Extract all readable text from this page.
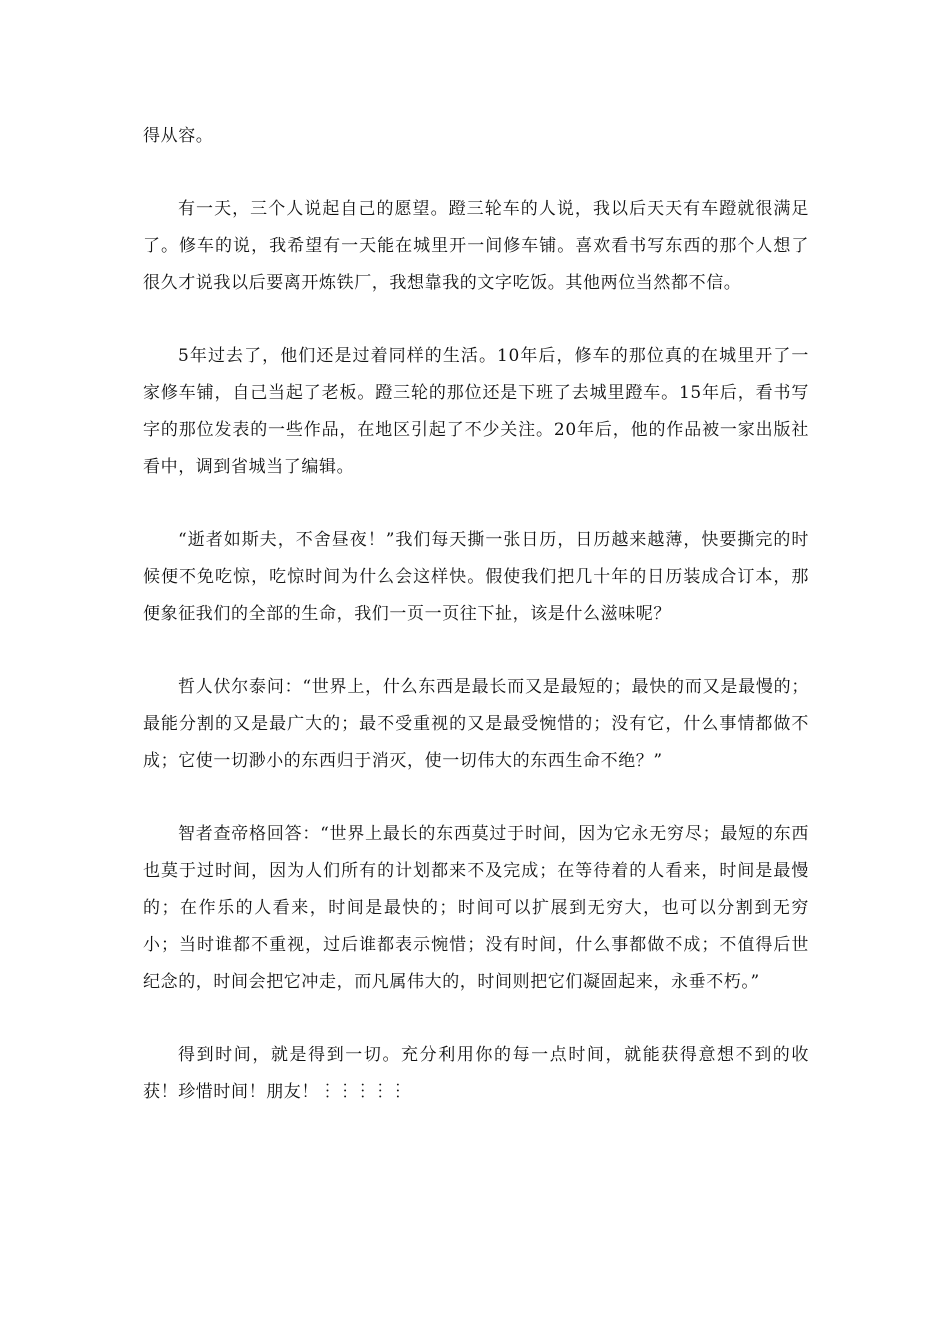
得从容。

有一天，三个人说起自己的愿望。蹬三轮车的人说，我以后天天有车蹬就很满足了。修车的说，我希望有一天能在城里开一间修车铺。喜欢看书写东西的那个人想了很久才说我以后要离开炼铁厂，我想靠我的文字吃饭。其他两位当然都不信。

5年过去了，他们还是过着同样的生活。10年后，修车的那位真的在城里开了一家修车铺，自己当起了老板。蹬三轮的那位还是下班了去城里蹬车。15年后，看书写字的那位发表的一些作品，在地区引起了不少关注。20年后，他的作品被一家出版社看中，调到省城当了编辑。

“逝者如斯夫，不舍昼夜！”我们每天撕一张日历，日历越来越薄，快要撕完的时候便不免吃惊，吃惊时间为什么会这样快。假使我们把几十年的日历装成合订本，那便象征我们的全部的生命，我们一页一页往下扯，该是什么滋味呢？

哲人伏尔泰问：“世界上，什么东西是最长而又是最短的；最快的而又是最慢的；最能分割的又是最广大的；最不受重视的又是最受惋惜的；没有它，什么事情都做不成；它使一切渺小的东西归于消灭，使一切伟大的东西生命不绝？”

智者查帝格回答：“世界上最长的东西莫过于时间，因为它永无穷尽；最短的东西也莫于过时间，因为人们所有的计划都来不及完成；在等待着的人看来，时间是最慢的；在作乐的人看来，时间是最快的；时间可以扩展到无穷大，也可以分割到无穷小；当时谁都不重视，过后谁都表示惋惜；没有时间，什么事都做不成；不值得后世纪念的，时间会把它冲走，而凡属伟大的，时间则把它们凝固起来，永垂不朽。”

得到时间，就是得到一切。充分利用你的每一点时间，就能获得意想不到的收获！珍惜时间！朋友！︙︙︙︙︙
